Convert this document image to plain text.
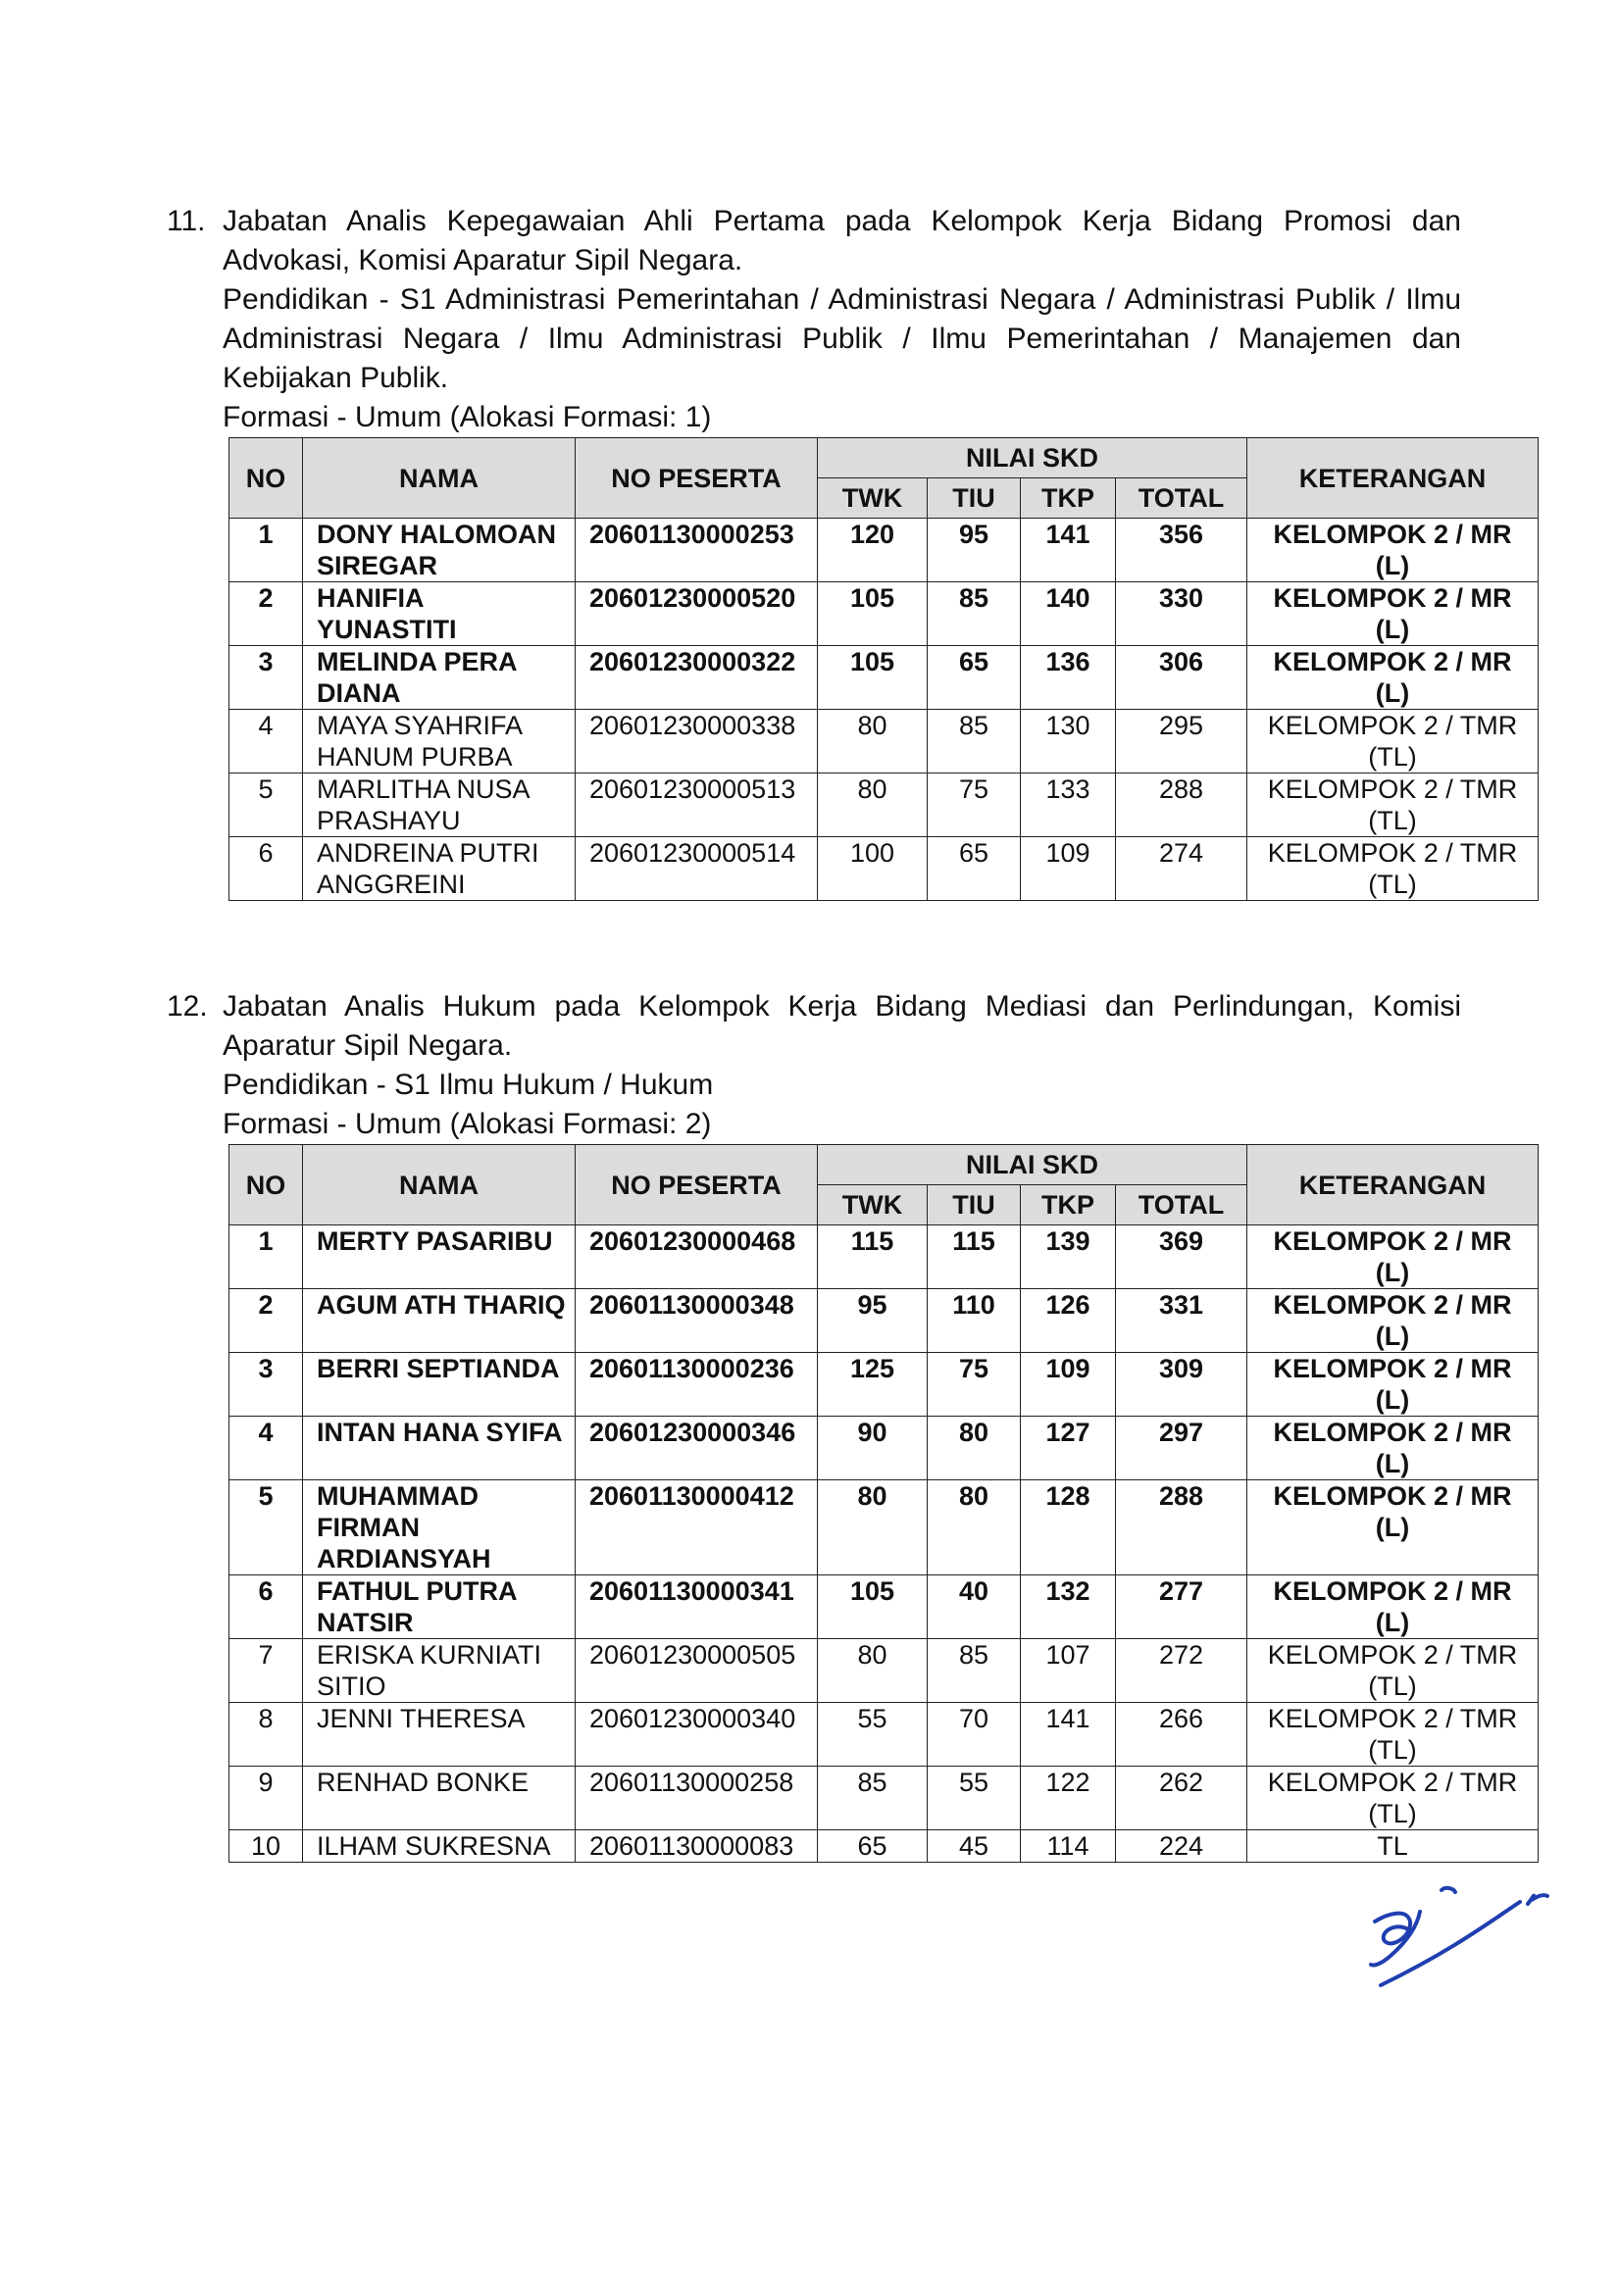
11. Jabatan Analis Kepegawaian Ahli Pertama pada Kelompok Kerja Bidang Promosi dan Advokasi, Komisi Aparatur Sipil Negara.

Pendidikan - S1 Administrasi Pemerintahan / Administrasi Negara / Administrasi Publik / Ilmu Administrasi Negara / Ilmu Administrasi Publik / Ilmu Pemerintahan / Manajemen dan Kebijakan Publik.

Formasi - Umum (Alokasi Formasi: 1)

NO	NAMA	NO PESERTA	NILAI SKD				KETERANGAN
			TWK	TIU	TKP	TOTAL	
1	DONY HALOMOAN SIREGAR	20601130000253	120	95	141	356	KELOMPOK 2 / MR (L)
2	HANIFIA YUNASTITI	20601230000520	105	85	140	330	KELOMPOK 2 / MR (L)
3	MELINDA PERA DIANA	20601230000322	105	65	136	306	KELOMPOK 2 / MR (L)
4	MAYA SYAHRIFA HANUM PURBA	20601230000338	80	85	130	295	KELOMPOK 2 / TMR (TL)
5	MARLITHA NUSA PRASHAYU	20601230000513	80	75	133	288	KELOMPOK 2 / TMR (TL)
6	ANDREINA PUTRI ANGGREINI	20601230000514	100	65	109	274	KELOMPOK 2 / TMR (TL)
12. Jabatan Analis Hukum pada Kelompok Kerja Bidang Mediasi dan Perlindungan, Komisi Aparatur Sipil Negara.

Pendidikan - S1 Ilmu Hukum / Hukum

Formasi - Umum (Alokasi Formasi: 2)

NO	NAMA	NO PESERTA	NILAI SKD				KETERANGAN
			TWK	TIU	TKP	TOTAL	
1	MERTY PASARIBU	20601230000468	115	115	139	369	KELOMPOK 2 / MR (L)
2	AGUM ATH THARIQ	20601130000348	95	110	126	331	KELOMPOK 2 / MR (L)
3	BERRI SEPTIANDA	20601130000236	125	75	109	309	KELOMPOK 2 / MR (L)
4	INTAN HANA SYIFA	20601230000346	90	80	127	297	KELOMPOK 2 / MR (L)
5	MUHAMMAD FIRMAN ARDIANSYAH	20601130000412	80	80	128	288	KELOMPOK 2 / MR (L)
6	FATHUL PUTRA NATSIR	20601130000341	105	40	132	277	KELOMPOK 2 / MR (L)
7	ERISKA KURNIATI SITIO	20601230000505	80	85	107	272	KELOMPOK 2 / TMR (TL)
8	JENNI THERESA	20601230000340	55	70	141	266	KELOMPOK 2 / TMR (TL)
9	RENHAD BONKE	20601130000258	85	55	122	262	KELOMPOK 2 / TMR (TL)
10	ILHAM SUKRESNA	20601130000083	65	45	114	224	TL
